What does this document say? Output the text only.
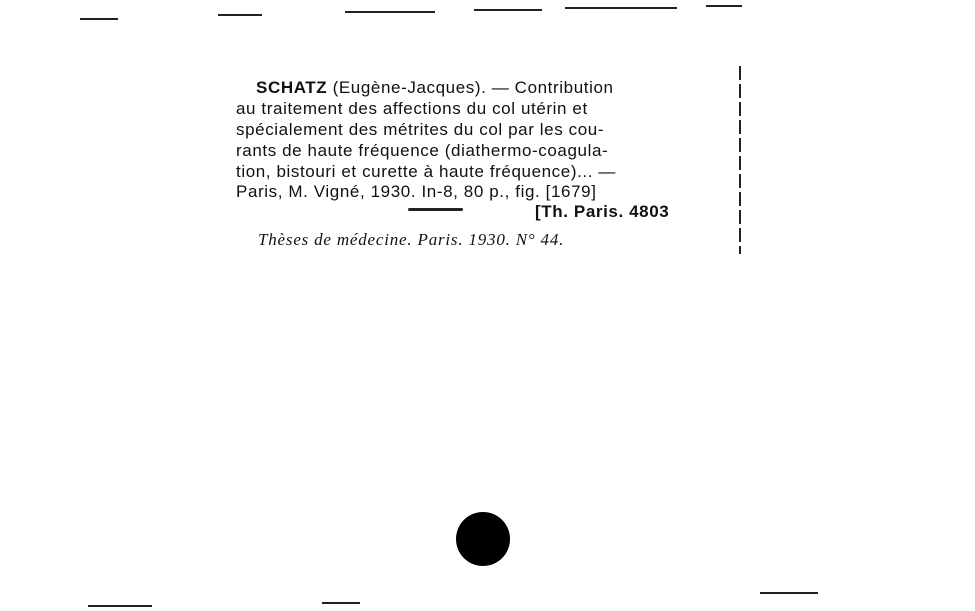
SCHATZ (Eugène-Jacques). — Contribution
au traitement des affections du col utérin et
spécialement des métrites du col par les cou-
rants de haute fréquence (diathermo-coagula-
tion, bistouri et curette à haute fréquence)... —
Paris, M. Vigné, 1930. In-8, 80 p., fig. [1679]
[Th. Paris. 4803
Thèses de médecine. Paris. 1930. N° 44.
